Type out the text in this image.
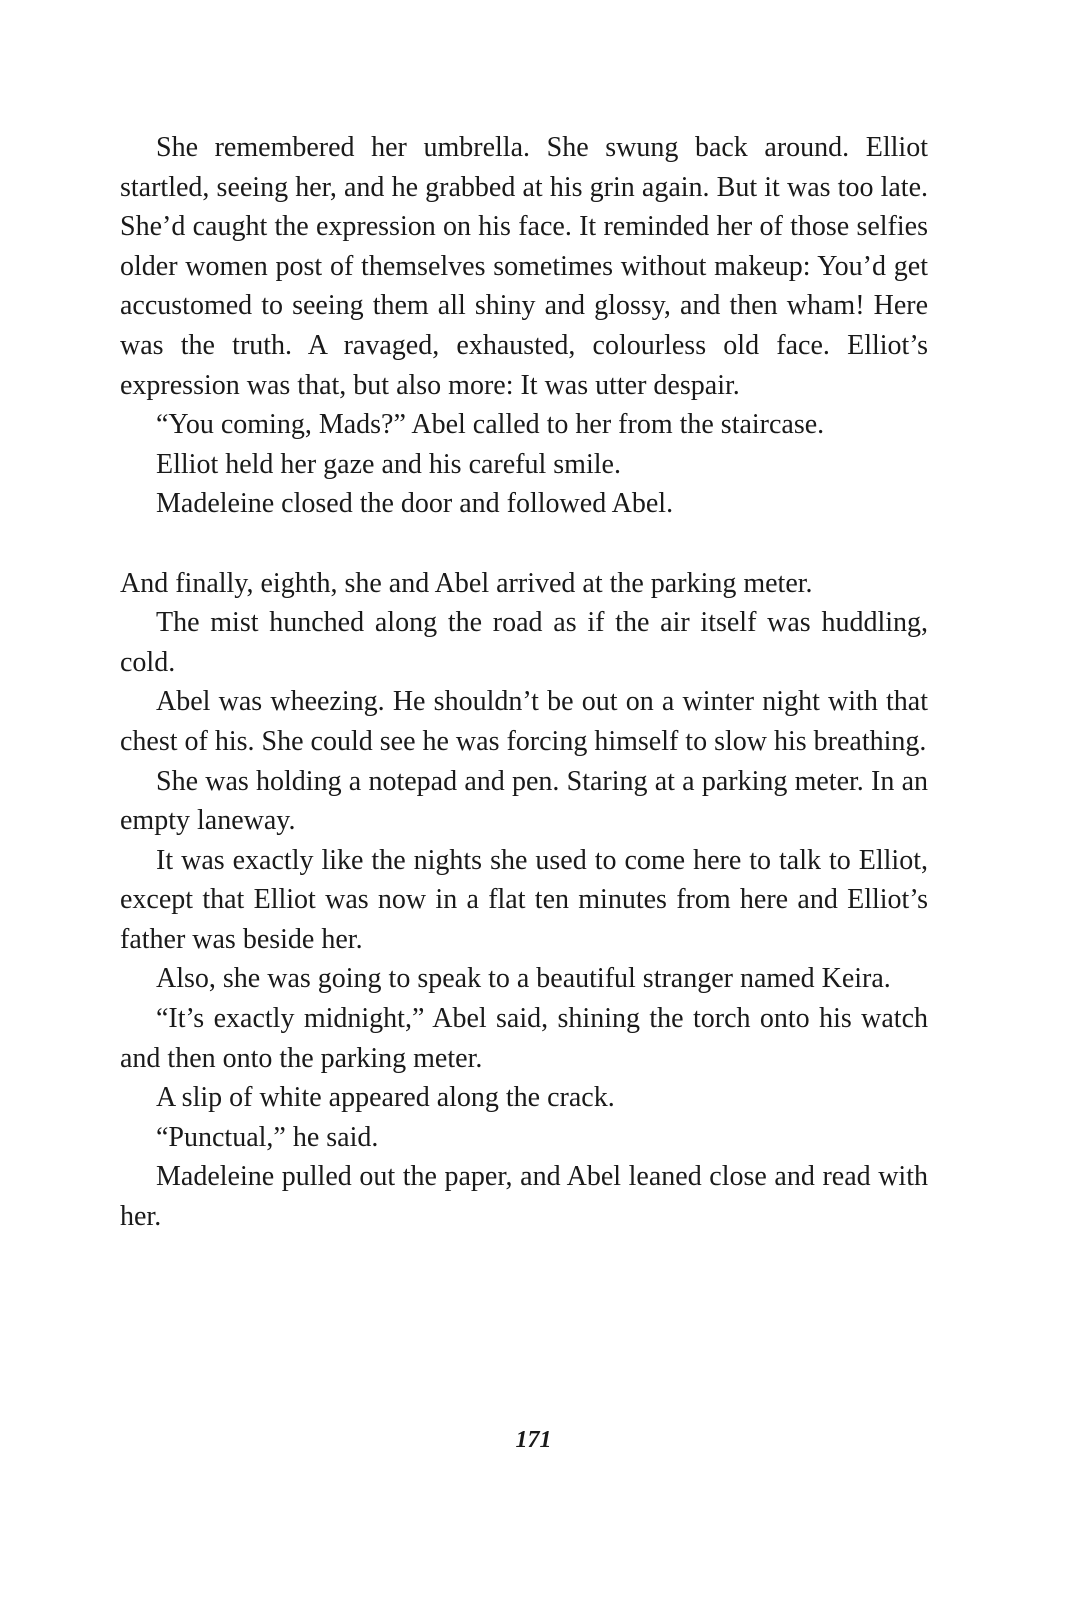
She remembered her umbrella. She swung back around. Elliot startled, seeing her, and he grabbed at his grin again. But it was too late. She’d caught the expression on his face. It reminded her of those selfies older women post of themselves sometimes without makeup: You’d get accustomed to seeing them all shiny and glossy, and then wham! Here was the truth. A ravaged, exhausted, colourless old face. Elliot’s expression was that, but also more: It was utter despair.

“You coming, Mads?” Abel called to her from the staircase.

Elliot held her gaze and his careful smile.

Madeleine closed the door and followed Abel.

And finally, eighth, she and Abel arrived at the parking meter.

The mist hunched along the road as if the air itself was huddling, cold.

Abel was wheezing. He shouldn’t be out on a winter night with that chest of his. She could see he was forcing himself to slow his breathing.

She was holding a notepad and pen. Staring at a parking meter. In an empty laneway.

It was exactly like the nights she used to come here to talk to Elliot, except that Elliot was now in a flat ten minutes from here and Elliot’s father was beside her.

Also, she was going to speak to a beautiful stranger named Keira.

“It’s exactly midnight,” Abel said, shining the torch onto his watch and then onto the parking meter.

A slip of white appeared along the crack.

“Punctual,” he said.

Madeleine pulled out the paper, and Abel leaned close and read with her.

171
